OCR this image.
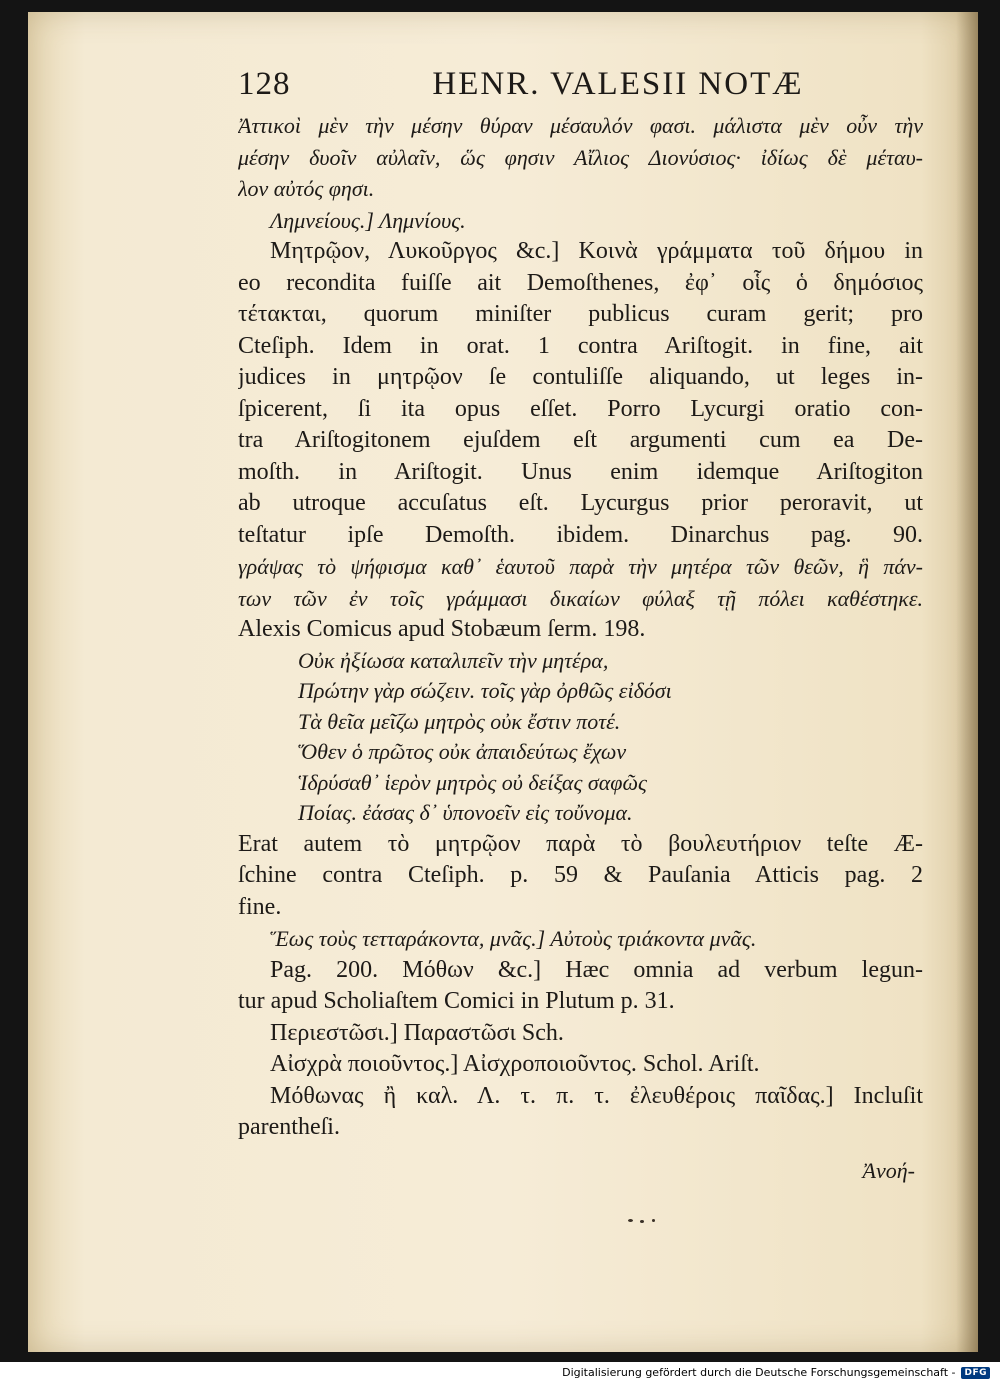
128	HENR. VALESII NOTÆ
Ἀττικοὶ μὲν τὴν μέσην θύραν μέσαυλόν φασι. μάλιστα μὲν οὖν τὴν
μέσην δυοῖν αὐλαῖν, ὥς φησιν Αἴλιος Διονύσιος· ἰδίως δὲ μέταυ-
λον αὐτός φησι.
Λημνείους.] Λημνίους.
Μητρῷον, Λυκοῦργος &c.] Κοινὰ γράμματα τοῦ δήμου in
eo recondita fuiſſe ait Demoſthenes, ἐφ᾽ οἷς ὁ δημόσιος
τέτακται, quorum miniſter publicus curam gerit; pro
Cteſiph. Idem in orat. 1 contra Ariſtogit. in fine, ait
judices in μητρῷον ſe contuliſſe aliquando, ut leges in-
ſpicerent, ſi ita opus eſſet. Porro Lycurgi oratio con-
tra Ariſtogitonem ejuſdem eſt argumenti cum ea De-
moſth. in Ariſtogit. Unus enim idemque Ariſtogiton
ab utroque accuſatus eſt. Lycurgus prior peroravit, ut
teſtatur ipſe Demoſth. ibidem. Dinarchus pag. 90.
γράψας τὸ ψήφισμα καθ᾽ ἑαυτοῦ παρὰ τὴν μητέρα τῶν θεῶν, ἣ πάν-
των τῶν ἐν τοῖς γράμμασι δικαίων φύλαξ τῇ πόλει καθέστηκε.
Alexis Comicus apud Stobæum ſerm. 198.
Οὐκ ἠξίωσα καταλιπεῖν τὴν μητέρα,
Πρώτην γὰρ σώζειν. τοῖς γὰρ ὀρθῶς εἰδόσι
Τὰ θεῖα μεῖζω μητρὸς οὐκ ἔστιν ποτέ.
Ὅθεν ὁ πρῶτος οὐκ ἀπαιδεύτως ἔχων
Ἱδρύσαθ᾽ ἱερὸν μητρὸς οὐ δείξας σαφῶς
Ποίας. ἐάσας δ᾽ ὑπονοεῖν εἰς τοὔνομα.
Erat autem τὸ μητρῷον παρὰ τὸ βουλευτήριον teſte Æ-
ſchine contra Cteſiph. p. 59 & Pauſania Atticis pag. 2
fine.
Ἕως τοὺς τετταράκοντα, μνᾶς.] Αὐτοὺς τριάκοντα μνᾶς.
Pag. 200. Μόθων &c.] Hæc omnia ad verbum legun-
tur apud Scholiaſtem Comici in Plutum p. 31.
Περιεστῶσι.] Παραστῶσι Sch.
Αἰσχρὰ ποιοῦντος.] Αἰσχροποιοῦντος. Schol. Ariſt.
Μόθωνας ἢ καλ. Λ. τ. π. τ. ἐλευθέροις παῖδας.] Incluſit
parentheſi.
Ἀνοή-
Digitalisierung gefördert durch die Deutsche Forschungsgemeinschaft -	DFG
